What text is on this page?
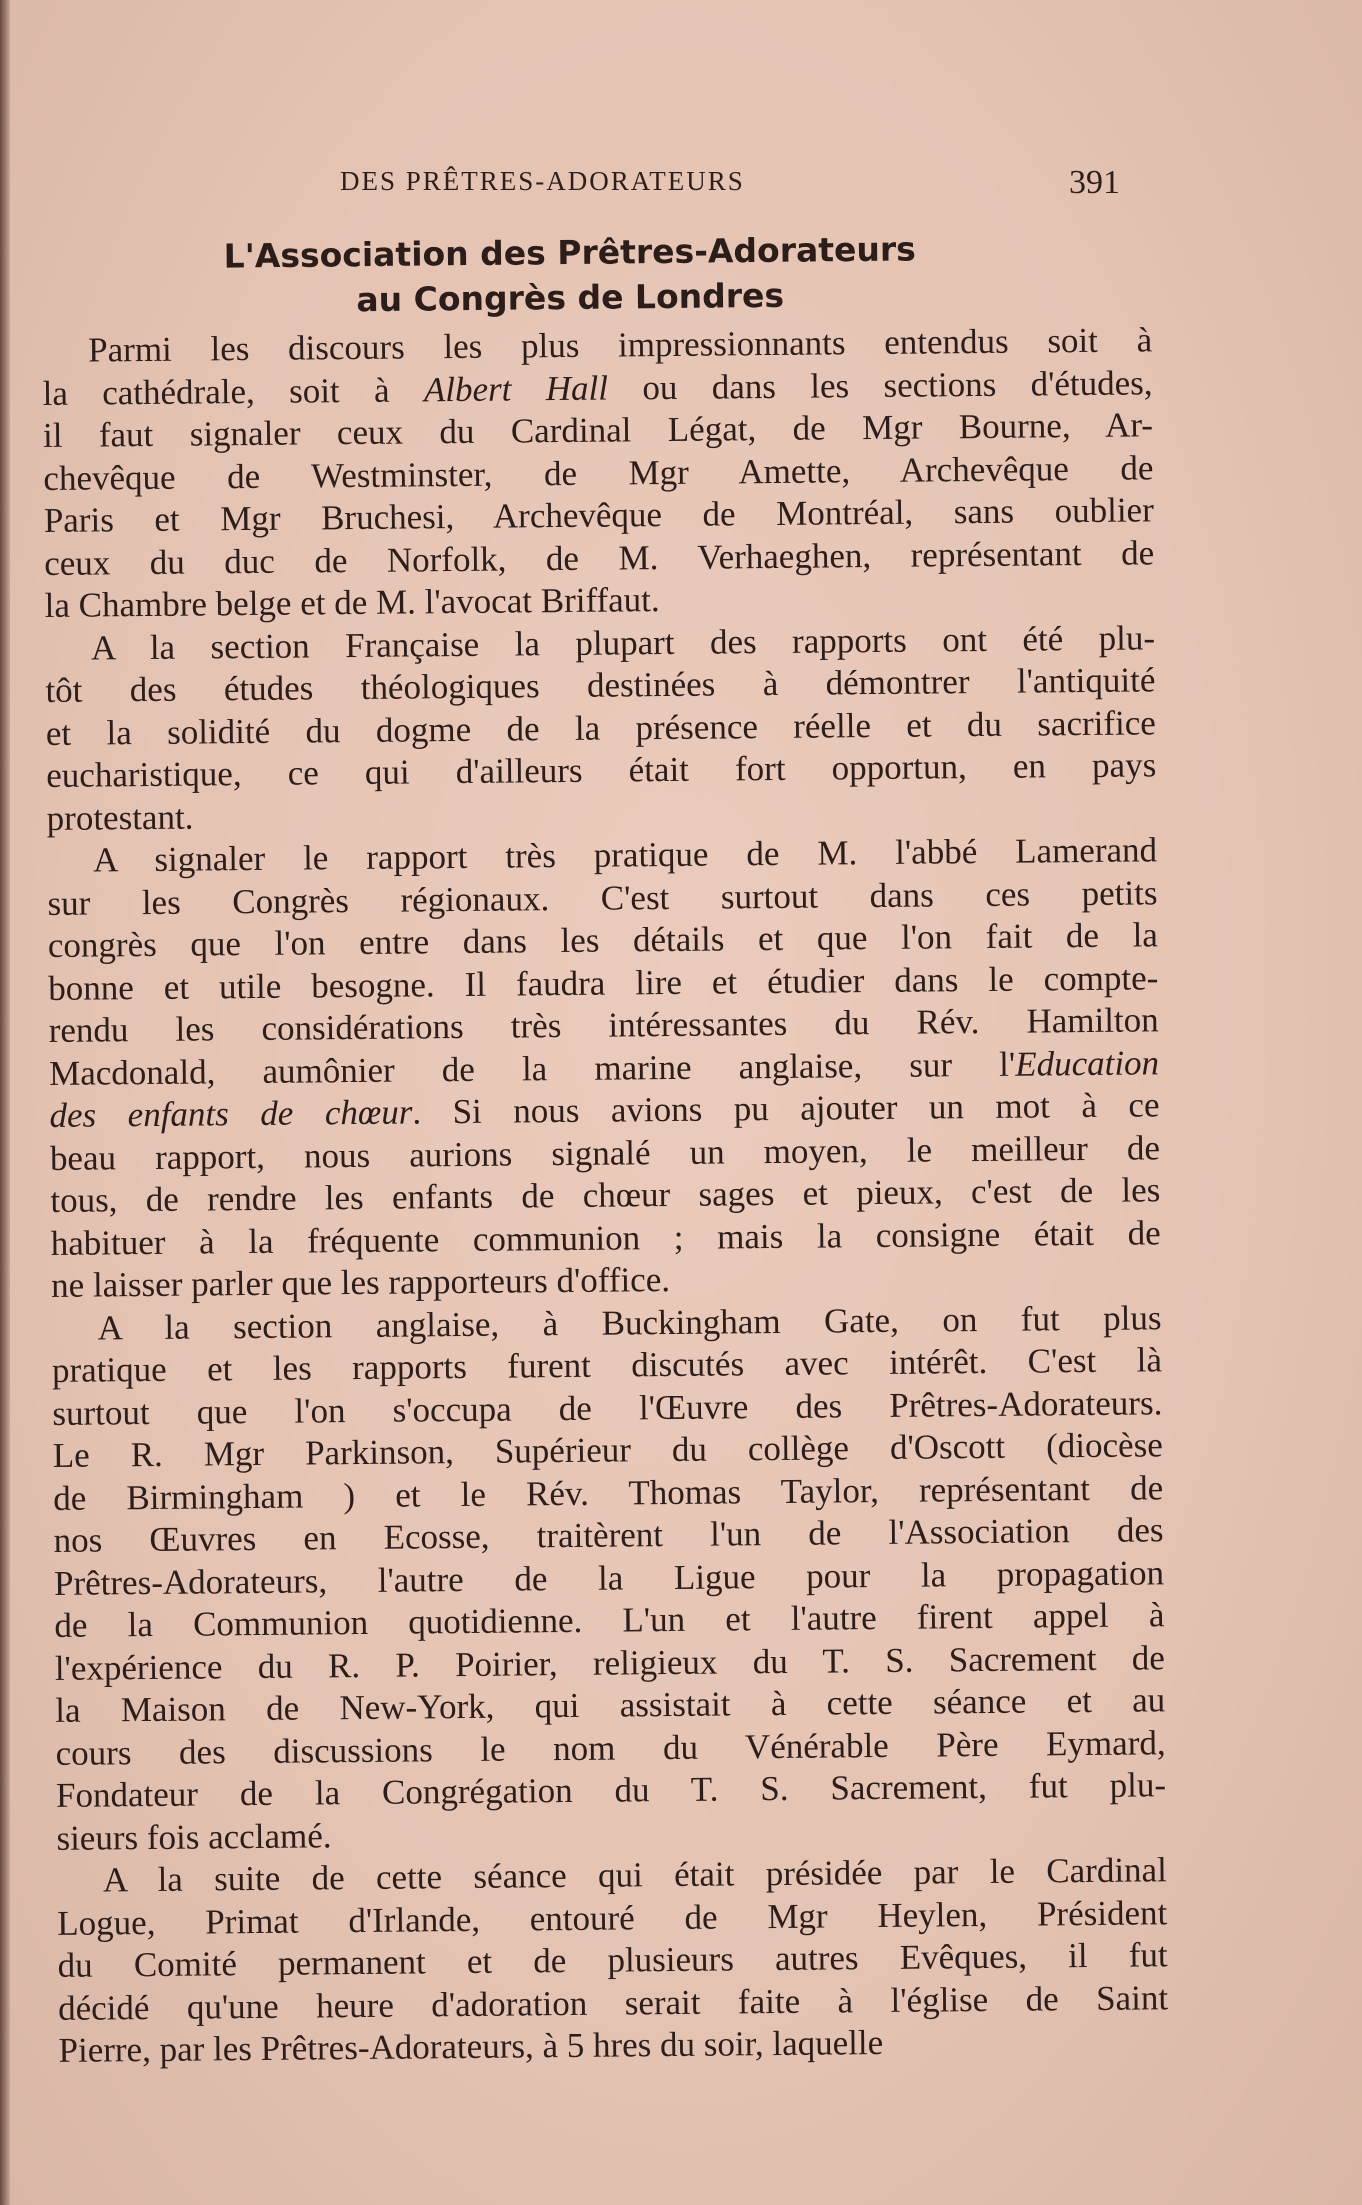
DES PRÊTRES-ADORATEURS	391
L'Association des Prêtres-Adorateurs
au Congrès de Londres

Parmi les discours les plus impressionnants entendus soit à
la cathédrale, soit à Albert Hall ou dans les sections d'études,
il faut signaler ceux du Cardinal Légat, de Mgr Bourne, Ar-
chevêque de Westminster, de Mgr Amette, Archevêque de
Paris et Mgr Bruchesi, Archevêque de Montréal, sans oublier
ceux du duc de Norfolk, de M. Verhaeghen, représentant de
la Chambre belge et de M. l'avocat Briffaut.

A la section Française la plupart des rapports ont été plu-
tôt des études théologiques destinées à démontrer l'antiquité
et la solidité du dogme de la présence réelle et du sacrifice
eucharistique, ce qui d'ailleurs était fort opportun, en pays
protestant.

A signaler le rapport très pratique de M. l'abbé Lamerand
sur les Congrès régionaux. C'est surtout dans ces petits
congrès que l'on entre dans les détails et que l'on fait de la
bonne et utile besogne. Il faudra lire et étudier dans le compte-
rendu les considérations très intéressantes du Rév. Hamilton
Macdonald, aumônier de la marine anglaise, sur l'Education
des enfants de chœur. Si nous avions pu ajouter un mot à ce
beau rapport, nous aurions signalé un moyen, le meilleur de
tous, de rendre les enfants de chœur sages et pieux, c'est de les
habituer à la fréquente communion ; mais la consigne était de
ne laisser parler que les rapporteurs d'office.

A la section anglaise, à Buckingham Gate, on fut plus
pratique et les rapports furent discutés avec intérêt. C'est là
surtout que l'on s'occupa de l'Œuvre des Prêtres-Adorateurs.
Le R. Mgr Parkinson, Supérieur du collège d'Oscott (diocèse
de Birmingham ) et le Rév. Thomas Taylor, représentant de
nos Œuvres en Ecosse, traitèrent l'un de l'Association des
Prêtres-Adorateurs, l'autre de la Ligue pour la propagation
de la Communion quotidienne. L'un et l'autre firent appel à
l'expérience du R. P. Poirier, religieux du T. S. Sacrement de
la Maison de New-York, qui assistait à cette séance et au
cours des discussions le nom du Vénérable Père Eymard,
Fondateur de la Congrégation du T. S. Sacrement, fut plu-
sieurs fois acclamé.

A la suite de cette séance qui était présidée par le Cardinal
Logue, Primat d'Irlande, entouré de Mgr Heylen, Président
du Comité permanent et de plusieurs autres Evêques, il fut
décidé qu'une heure d'adoration serait faite à l'église de Saint
Pierre, par les Prêtres-Adorateurs, à 5 hres du soir, laquelle
